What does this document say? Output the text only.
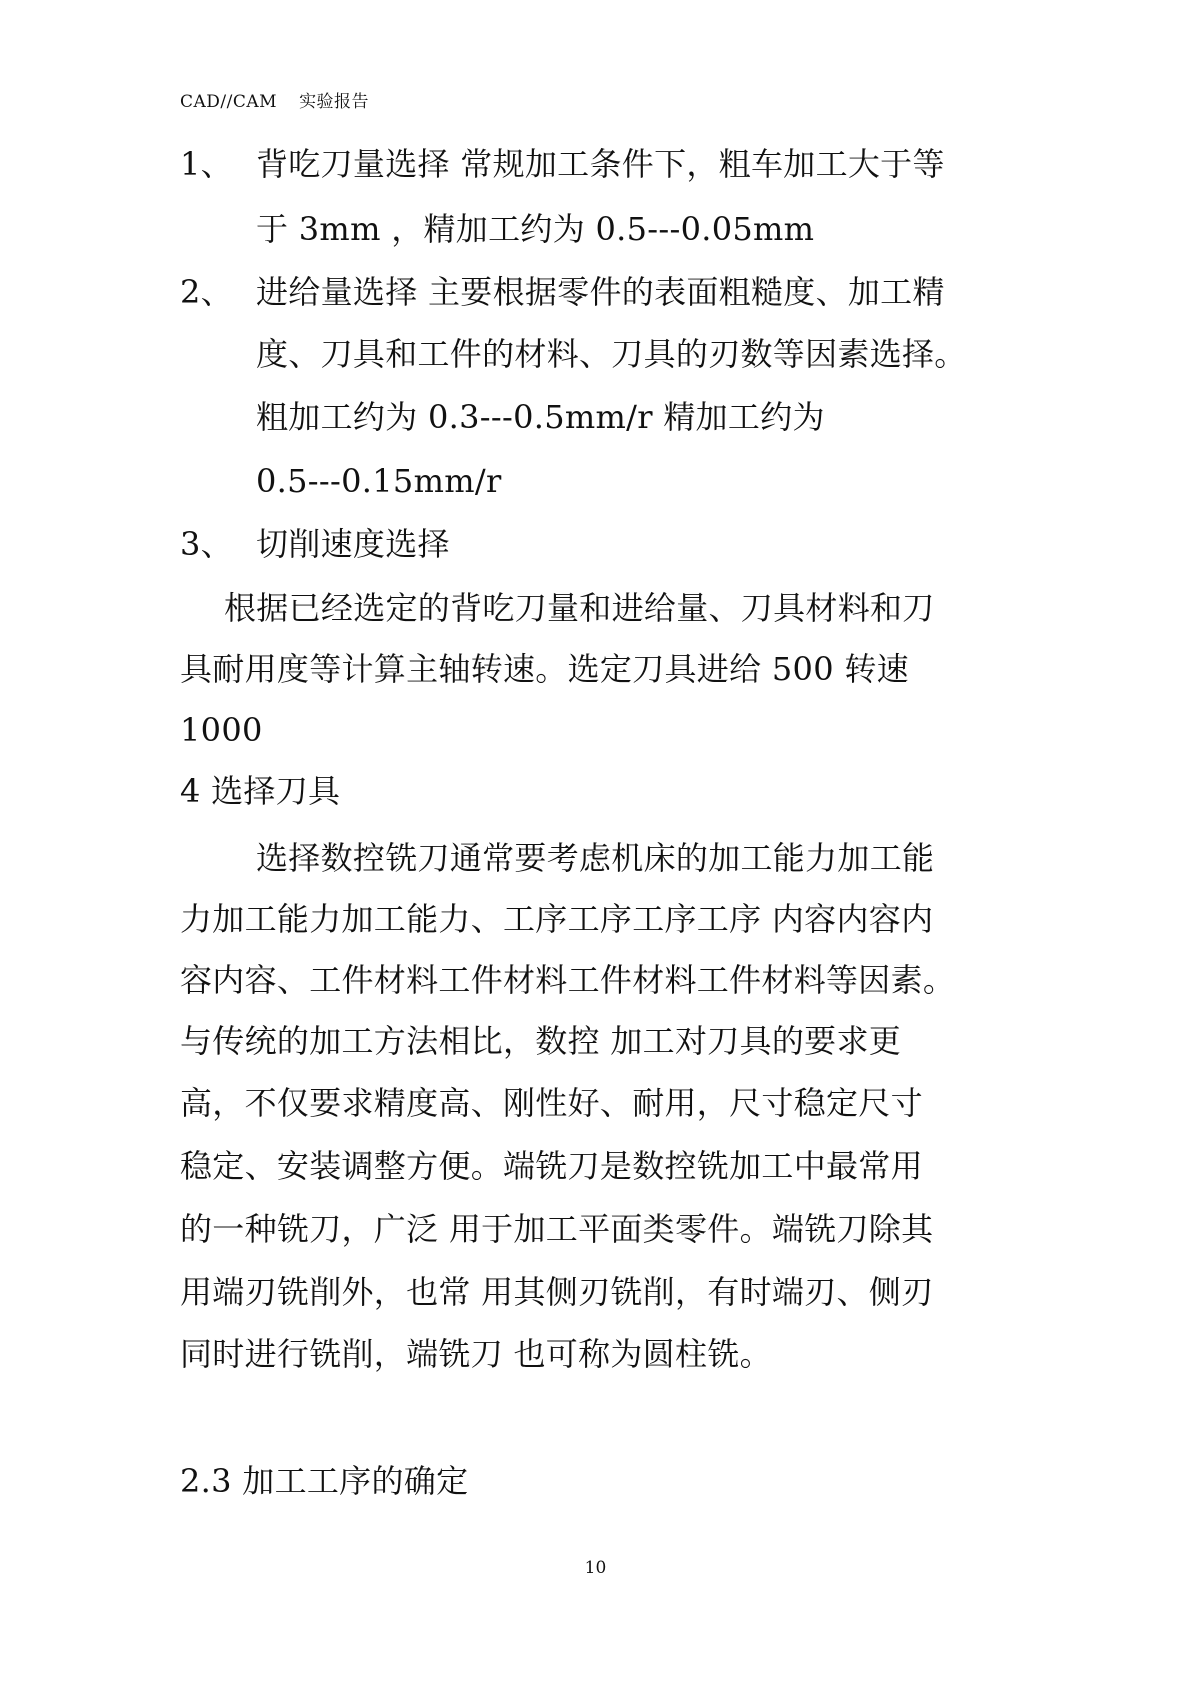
CAD//CAM 实验报告
1、 背吃刀量选择 常规加工条件下，粗车加工大于等
于 3mm ，精加工约为 0.5---0.05mm
2、 进给量选择 主要根据零件的表面粗糙度、加工精
度、刀具和工件的材料、刀具的刃数等因素选择。
粗加工约为 0.3---0.5mm/r 精加工约为
0.5---0.15mm/r
3、 切削速度选择
根据已经选定的背吃刀量和进给量、刀具材料和刀
具耐用度等计算主轴转速。选定刀具进给 500 转速
1000
4 选择刀具
选择数控铣刀通常要考虑机床的加工能力加工能
力加工能力加工能力、工序工序工序工序 内容内容内
容内容、工件材料工件材料工件材料工件材料等因素。
与传统的加工方法相比，数控 加工对刀具的要求更
高，不仅要求精度高、刚性好、耐用，尺寸稳定尺寸
稳定、安装调整方便。端铣刀是数控铣加工中最常用
的一种铣刀，广泛 用于加工平面类零件。端铣刀除其
用端刃铣削外，也常 用其侧刃铣削，有时端刃、侧刃
同时进行铣削，端铣刀 也可称为圆柱铣。
2.3 加工工序的确定
10
